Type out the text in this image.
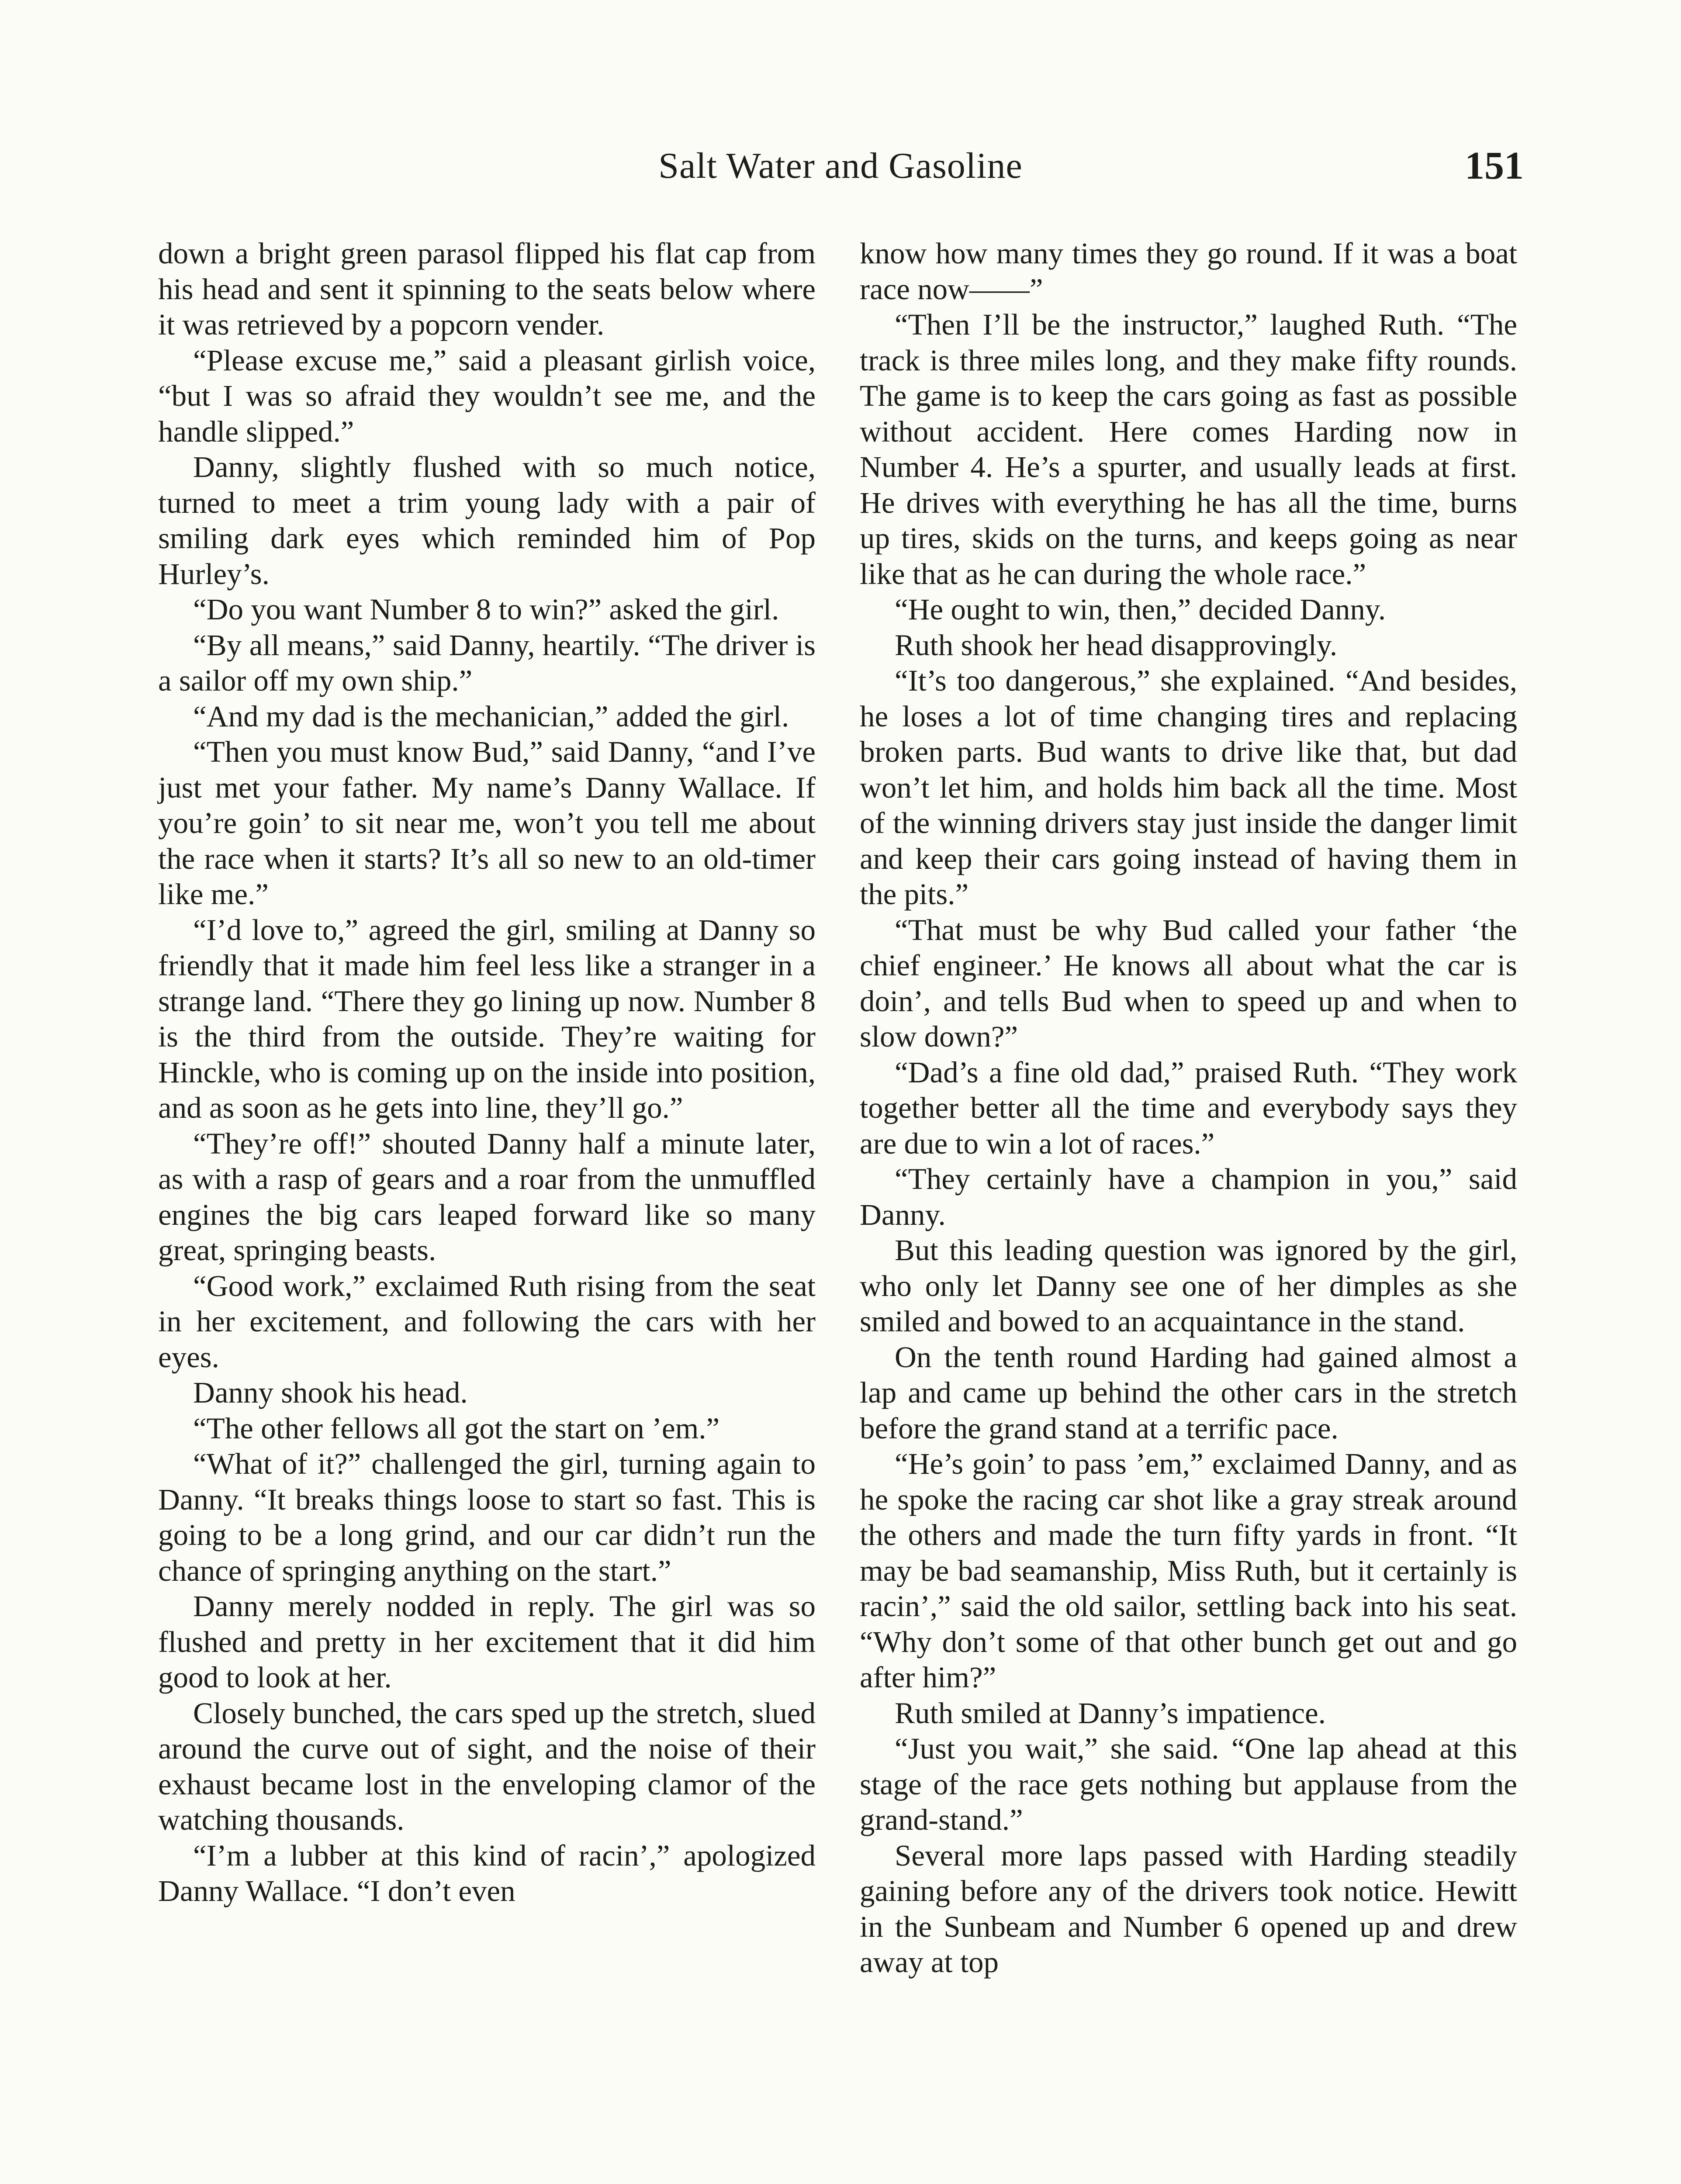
Salt Water and Gasoline	151

down a bright green parasol flipped his flat cap from his head and sent it spinning to the seats below where it was retrieved by a popcorn vender.

“Please excuse me,” said a pleasant girlish voice, “but I was so afraid they wouldn’t see me, and the handle slipped.”

Danny, slightly flushed with so much notice, turned to meet a trim young lady with a pair of smiling dark eyes which reminded him of Pop Hurley’s.

“Do you want Number 8 to win?” asked the girl.

“By all means,” said Danny, heartily. “The driver is a sailor off my own ship.”

“And my dad is the mechanician,” added the girl.

“Then you must know Bud,” said Danny, “and I’ve just met your father. My name’s Danny Wallace. If you’re goin’ to sit near me, won’t you tell me about the race when it starts? It’s all so new to an old-timer like me.”

“I’d love to,” agreed the girl, smiling at Danny so friendly that it made him feel less like a stranger in a strange land. “There they go lining up now. Number 8 is the third from the outside. They’re waiting for Hinckle, who is coming up on the inside into position, and as soon as he gets into line, they’ll go.”

“They’re off!” shouted Danny half a minute later, as with a rasp of gears and a roar from the unmuffled engines the big cars leaped forward like so many great, springing beasts.

“Good work,” exclaimed Ruth rising from the seat in her excitement, and following the cars with her eyes.

Danny shook his head.

“The other fellows all got the start on ’em.”

“What of it?” challenged the girl, turning again to Danny. “It breaks things loose to start so fast. This is going to be a long grind, and our car didn’t run the chance of springing anything on the start.”

Danny merely nodded in reply. The girl was so flushed and pretty in her excitement that it did him good to look at her.

Closely bunched, the cars sped up the stretch, slued around the curve out of sight, and the noise of their exhaust became lost in the enveloping clamor of the watching thousands.

“I’m a lubber at this kind of racin’,” apologized Danny Wallace. “I don’t even

know how many times they go round. If it was a boat race now——”

“Then I’ll be the instructor,” laughed Ruth. “The track is three miles long, and they make fifty rounds. The game is to keep the cars going as fast as possible without accident. Here comes Harding now in Number 4. He’s a spurter, and usually leads at first. He drives with everything he has all the time, burns up tires, skids on the turns, and keeps going as near like that as he can during the whole race.”

“He ought to win, then,” decided Danny.

Ruth shook her head disapprovingly.

“It’s too dangerous,” she explained. “And besides, he loses a lot of time changing tires and replacing broken parts. Bud wants to drive like that, but dad won’t let him, and holds him back all the time. Most of the winning drivers stay just inside the danger limit and keep their cars going instead of having them in the pits.”

“That must be why Bud called your father ‘the chief engineer.’ He knows all about what the car is doin’, and tells Bud when to speed up and when to slow down?”

“Dad’s a fine old dad,” praised Ruth. “They work together better all the time and everybody says they are due to win a lot of races.”

“They certainly have a champion in you,” said Danny.

But this leading question was ignored by the girl, who only let Danny see one of her dimples as she smiled and bowed to an acquaintance in the stand.

On the tenth round Harding had gained almost a lap and came up behind the other cars in the stretch before the grand stand at a terrific pace.

“He’s goin’ to pass ’em,” exclaimed Danny, and as he spoke the racing car shot like a gray streak around the others and made the turn fifty yards in front. “It may be bad seamanship, Miss Ruth, but it certainly is racin’,” said the old sailor, settling back into his seat. “Why don’t some of that other bunch get out and go after him?”

Ruth smiled at Danny’s impatience.

“Just you wait,” she said. “One lap ahead at this stage of the race gets nothing but applause from the grand-stand.”

Several more laps passed with Harding steadily gaining before any of the drivers took notice. Hewitt in the Sunbeam and Number 6 opened up and drew away at top
